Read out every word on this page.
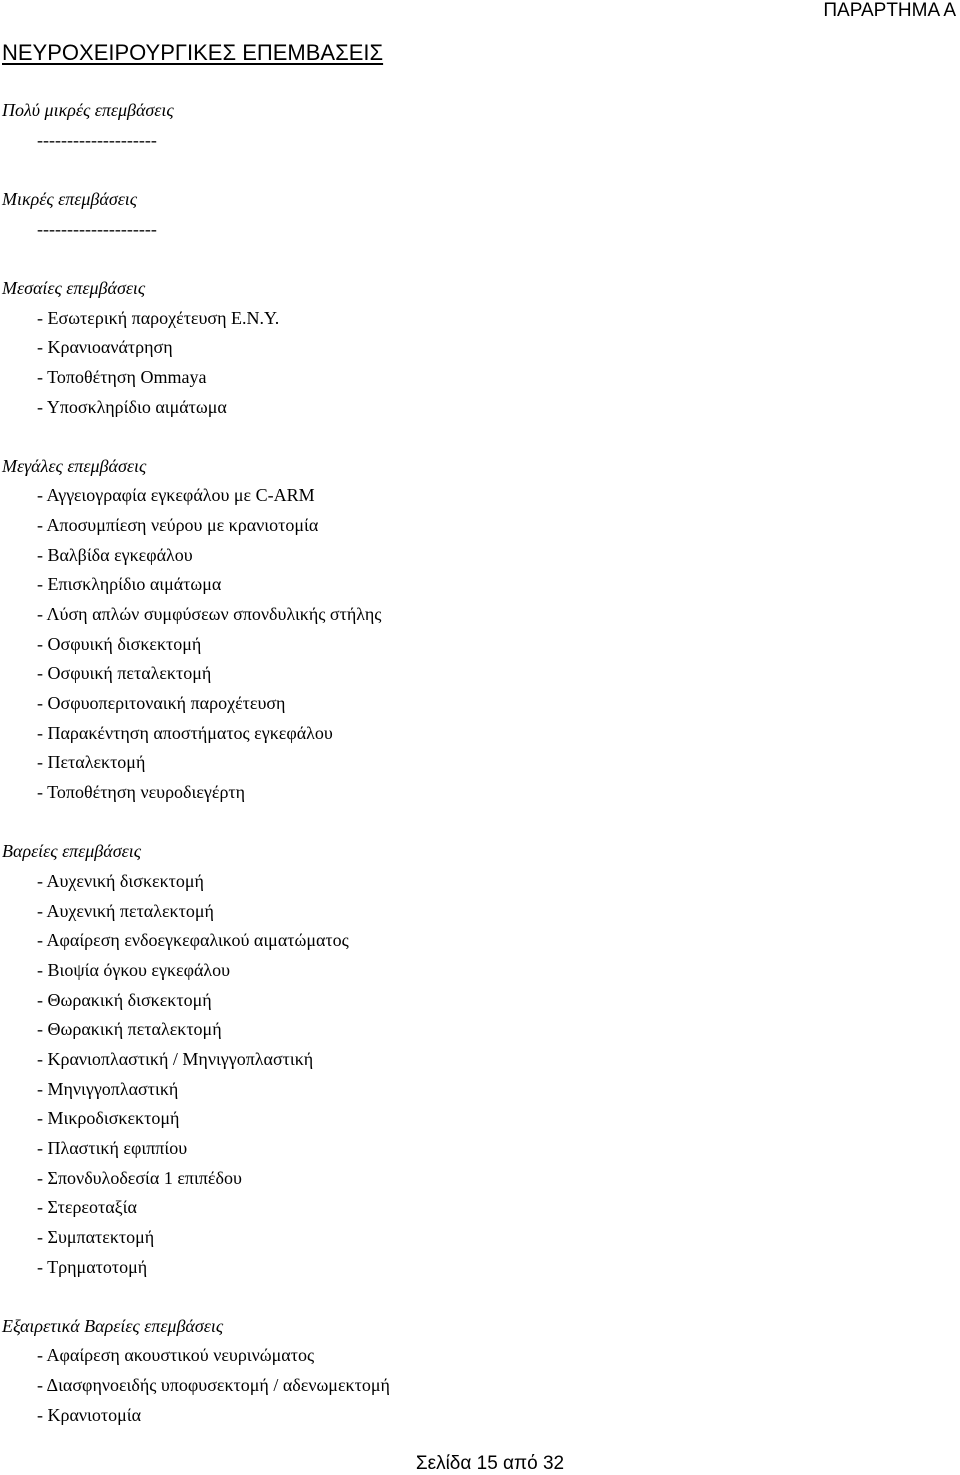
ΠΑΡΑΡΤΗΜΑ Α
ΝΕΥΡΟΧΕΙΡΟΥΡΓΙΚΕΣ ΕΠΕΜΒΑΣΕΙΣ
Πολύ μικρές επεμβάσεις
--------------------
Μικρές επεμβάσεις
--------------------
Μεσαίες επεμβάσεις
- Εσωτερική παροχέτευση Ε.Ν.Υ.
- Κρανιοανάτρηση
- Τοποθέτηση Ommaya
- Υποσκληρίδιο αιμάτωμα
Μεγάλες επεμβάσεις
- Αγγειογραφία εγκεφάλου με C-ARM
- Αποσυμπίεση νεύρου με κρανιοτομία
- Βαλβίδα εγκεφάλου
- Επισκληρίδιο αιμάτωμα
- Λύση απλών συμφύσεων σπονδυλικής στήλης
- Οσφυική δισκεκτομή
- Οσφυική πεταλεκτομή
- Οσφυοπεριτοναική παροχέτευση
- Παρακέντηση αποστήματος εγκεφάλου
- Πεταλεκτομή
- Τοποθέτηση νευροδιεγέρτη
Βαρείες επεμβάσεις
- Αυχενική δισκεκτομή
- Αυχενική πεταλεκτομή
- Αφαίρεση ενδοεγκεφαλικού αιματώματος
- Βιοψία όγκου εγκεφάλου
- Θωρακική δισκεκτομή
- Θωρακική πεταλεκτομή
- Κρανιοπλαστική / Μηνιγγοπλαστική
- Μηνιγγοπλαστική
- Μικροδισκεκτομή
- Πλαστική εφιππίου
- Σπονδυλοδεσία 1 επιπέδου
- Στερεοταξία
- Συμπατεκτομή
- Τρηματοτομή
Εξαιρετικά Βαρείες επεμβάσεις
- Αφαίρεση ακουστικού νευρινώματος
- Διασφηνοειδής υποφυσεκτομή / αδενωμεκτομή
- Κρανιοτομία
Σελίδα 15 από 32
